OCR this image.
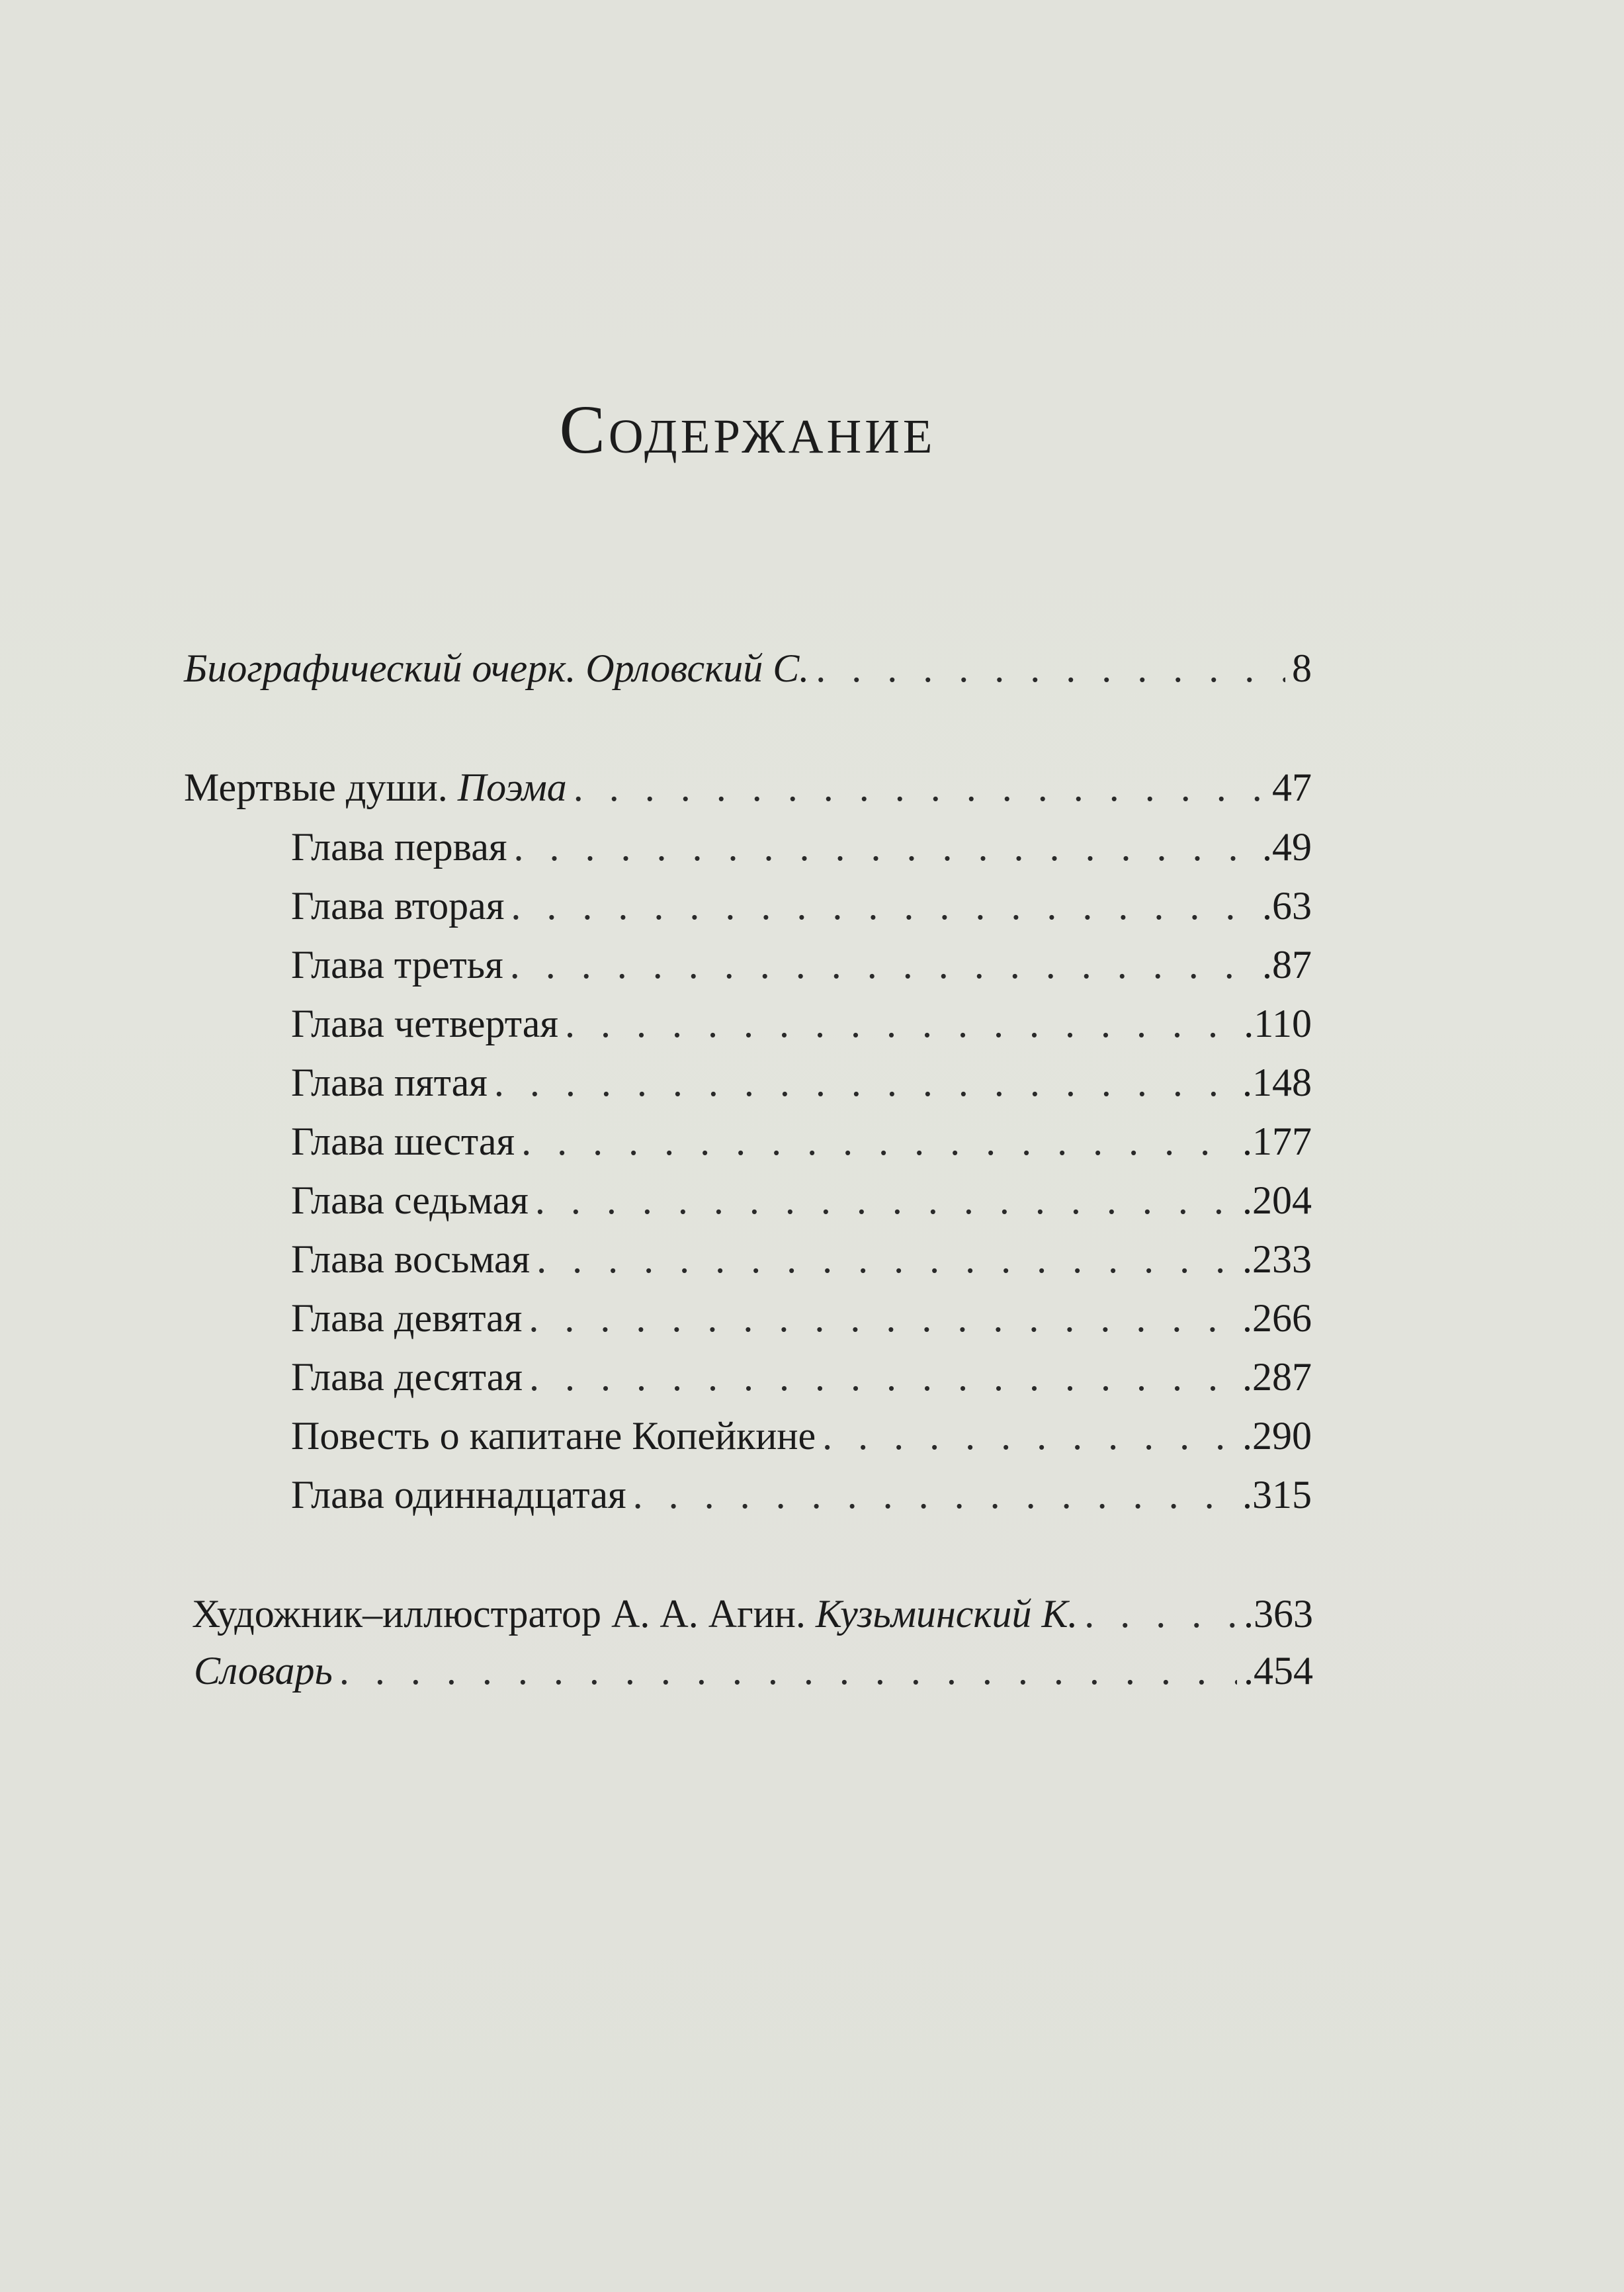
Содержание
Биографический очерк. Орловский С. . . .	8
Мертвые души. Поэма . . .	47
Глава первая . . .	.49
Глава вторая . . .	.63
Глава третья . . .	.87
Глава четвертая . . .	.110
Глава пятая . . .	.148
Глава шестая . . .	.177
Глава седьмая . . .	.204
Глава восьмая . . .	.233
Глава девятая . . .	.266
Глава десятая . . .	.287
Повесть о капитане Копейкине . . .	.290
Глава одиннадцатая . . .	.315
Художник–иллюстратор А. А. Агин. Кузьминский К. . . .	.363
Словарь . . .	.454
